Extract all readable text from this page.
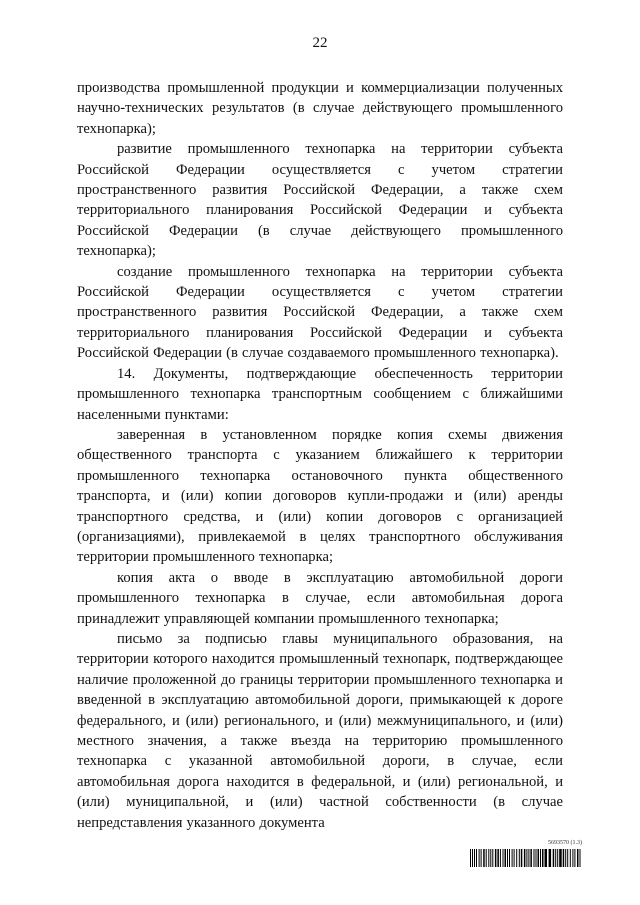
22

производства промышленной продукции и коммерциализации полученных научно-технических результатов (в случае действующего промышленного технопарка);

развитие промышленного технопарка на территории субъекта Российской Федерации осуществляется с учетом стратегии пространственного развития Российской Федерации, а также схем территориального планирования Российской Федерации и субъекта Российской Федерации (в случае действующего промышленного технопарка);

создание промышленного технопарка на территории субъекта Российской Федерации осуществляется с учетом стратегии пространственного развития Российской Федерации, а также схем территориального планирования Российской Федерации и субъекта Российской Федерации (в случае создаваемого промышленного технопарка).

14. Документы, подтверждающие обеспеченность территории промышленного технопарка транспортным сообщением с ближайшими населенными пунктами:

заверенная в установленном порядке копия схемы движения общественного транспорта с указанием ближайшего к территории промышленного технопарка остановочного пункта общественного транспорта, и (или) копии договоров купли-продажи и (или) аренды транспортного средства, и (или) копии договоров с организацией (организациями), привлекаемой в целях транспортного обслуживания территории промышленного технопарка;

копия акта о вводе в эксплуатацию автомобильной дороги промышленного технопарка в случае, если автомобильная дорога принадлежит управляющей компании промышленного технопарка;

письмо за подписью главы муниципального образования, на территории которого находится промышленный технопарк, подтверждающее наличие проложенной до границы территории промышленного технопарка и введенной в эксплуатацию автомобильной дороги, примыкающей к дороге федерального, и (или) регионального, и (или) межмуниципального, и (или) местного значения, а также въезда на территорию промышленного технопарка с указанной автомобильной дороги, в случае, если автомобильная дорога находится в федеральной, и (или) региональной, и (или) муниципальной, и (или) частной собственности (в случае непредставления указанного документа

5693570 (1.3)
